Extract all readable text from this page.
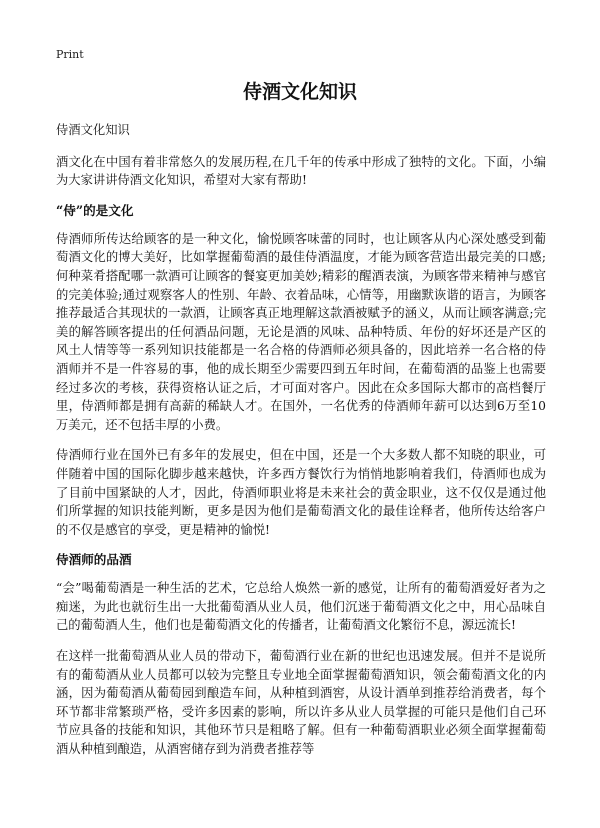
Print
侍酒文化知识

侍酒文化知识

酒文化在中国有着非常悠久的发展历程,在几千年的传承中形成了独特的文化。下面，小编为大家讲讲侍酒文化知识，希望对大家有帮助!

“侍”的是文化

侍酒师所传达给顾客的是一种文化，愉悦顾客味蕾的同时，也让顾客从内心深处感受到葡萄酒文化的博大美好，比如掌握葡萄酒的最佳侍酒温度，才能为顾客营造出最完美的口感;何种菜肴搭配哪一款酒可让顾客的餐宴更加美妙;精彩的醒酒表演，为顾客带来精神与感官的完美体验;通过观察客人的性别、年龄、衣着品味，心情等，用幽默诙谐的语言，为顾客推荐最适合其现状的一款酒，让顾客真正地理解这款酒被赋予的涵义，从而让顾客满意;完美的解答顾客提出的任何酒品问题，无论是酒的风味、品种特质、年份的好坏还是产区的风土人情等等一系列知识技能都是一名合格的侍酒师必须具备的，因此培养一名合格的侍酒师并不是一件容易的事，他的成长期至少需要四到五年时间，在葡萄酒的品鉴上也需要经过多次的考核，获得资格认证之后，才可面对客户。因此在众多国际大都市的高档餐厅里，侍酒师都是拥有高薪的稀缺人才。在国外，一名优秀的侍酒师年薪可以达到6万至10万美元，还不包括丰厚的小费。

侍酒师行业在国外已有多年的发展史，但在中国，还是一个大多数人都不知晓的职业，可伴随着中国的国际化脚步越来越快，许多西方餐饮行为悄悄地影响着我们，侍酒师也成为了目前中国紧缺的人才，因此，侍酒师职业将是未来社会的黄金职业，这不仅仅是通过他们所掌握的知识技能判断，更多是因为他们是葡萄酒文化的最佳诠释者，他所传达给客户的不仅是感官的享受，更是精神的愉悦!

侍酒师的品酒

“会”喝葡萄酒是一种生活的艺术，它总给人焕然一新的感觉，让所有的葡萄酒爱好者为之痴迷，为此也就衍生出一大批葡萄酒从业人员，他们沉迷于葡萄酒文化之中，用心品味自己的葡萄酒人生，他们也是葡萄酒文化的传播者，让葡萄酒文化繁衍不息，源远流长!

在这样一批葡萄酒从业人员的带动下，葡萄酒行业在新的世纪也迅速发展。但并不是说所有的葡萄酒从业人员都可以较为完整且专业地全面掌握葡萄酒知识，领会葡萄酒文化的内涵，因为葡萄酒从葡萄园到酿造车间，从种植到酒窖，从设计酒单到推荐给消费者，每个环节都非常繁琐严格，受许多因素的影响，所以许多从业人员掌握的可能只是他们自己环节应具备的技能和知识，其他环节只是粗略了解。但有一种葡萄酒职业必须全面掌握葡萄酒从种植到酿造，从酒窖储存到为消费者推荐等
